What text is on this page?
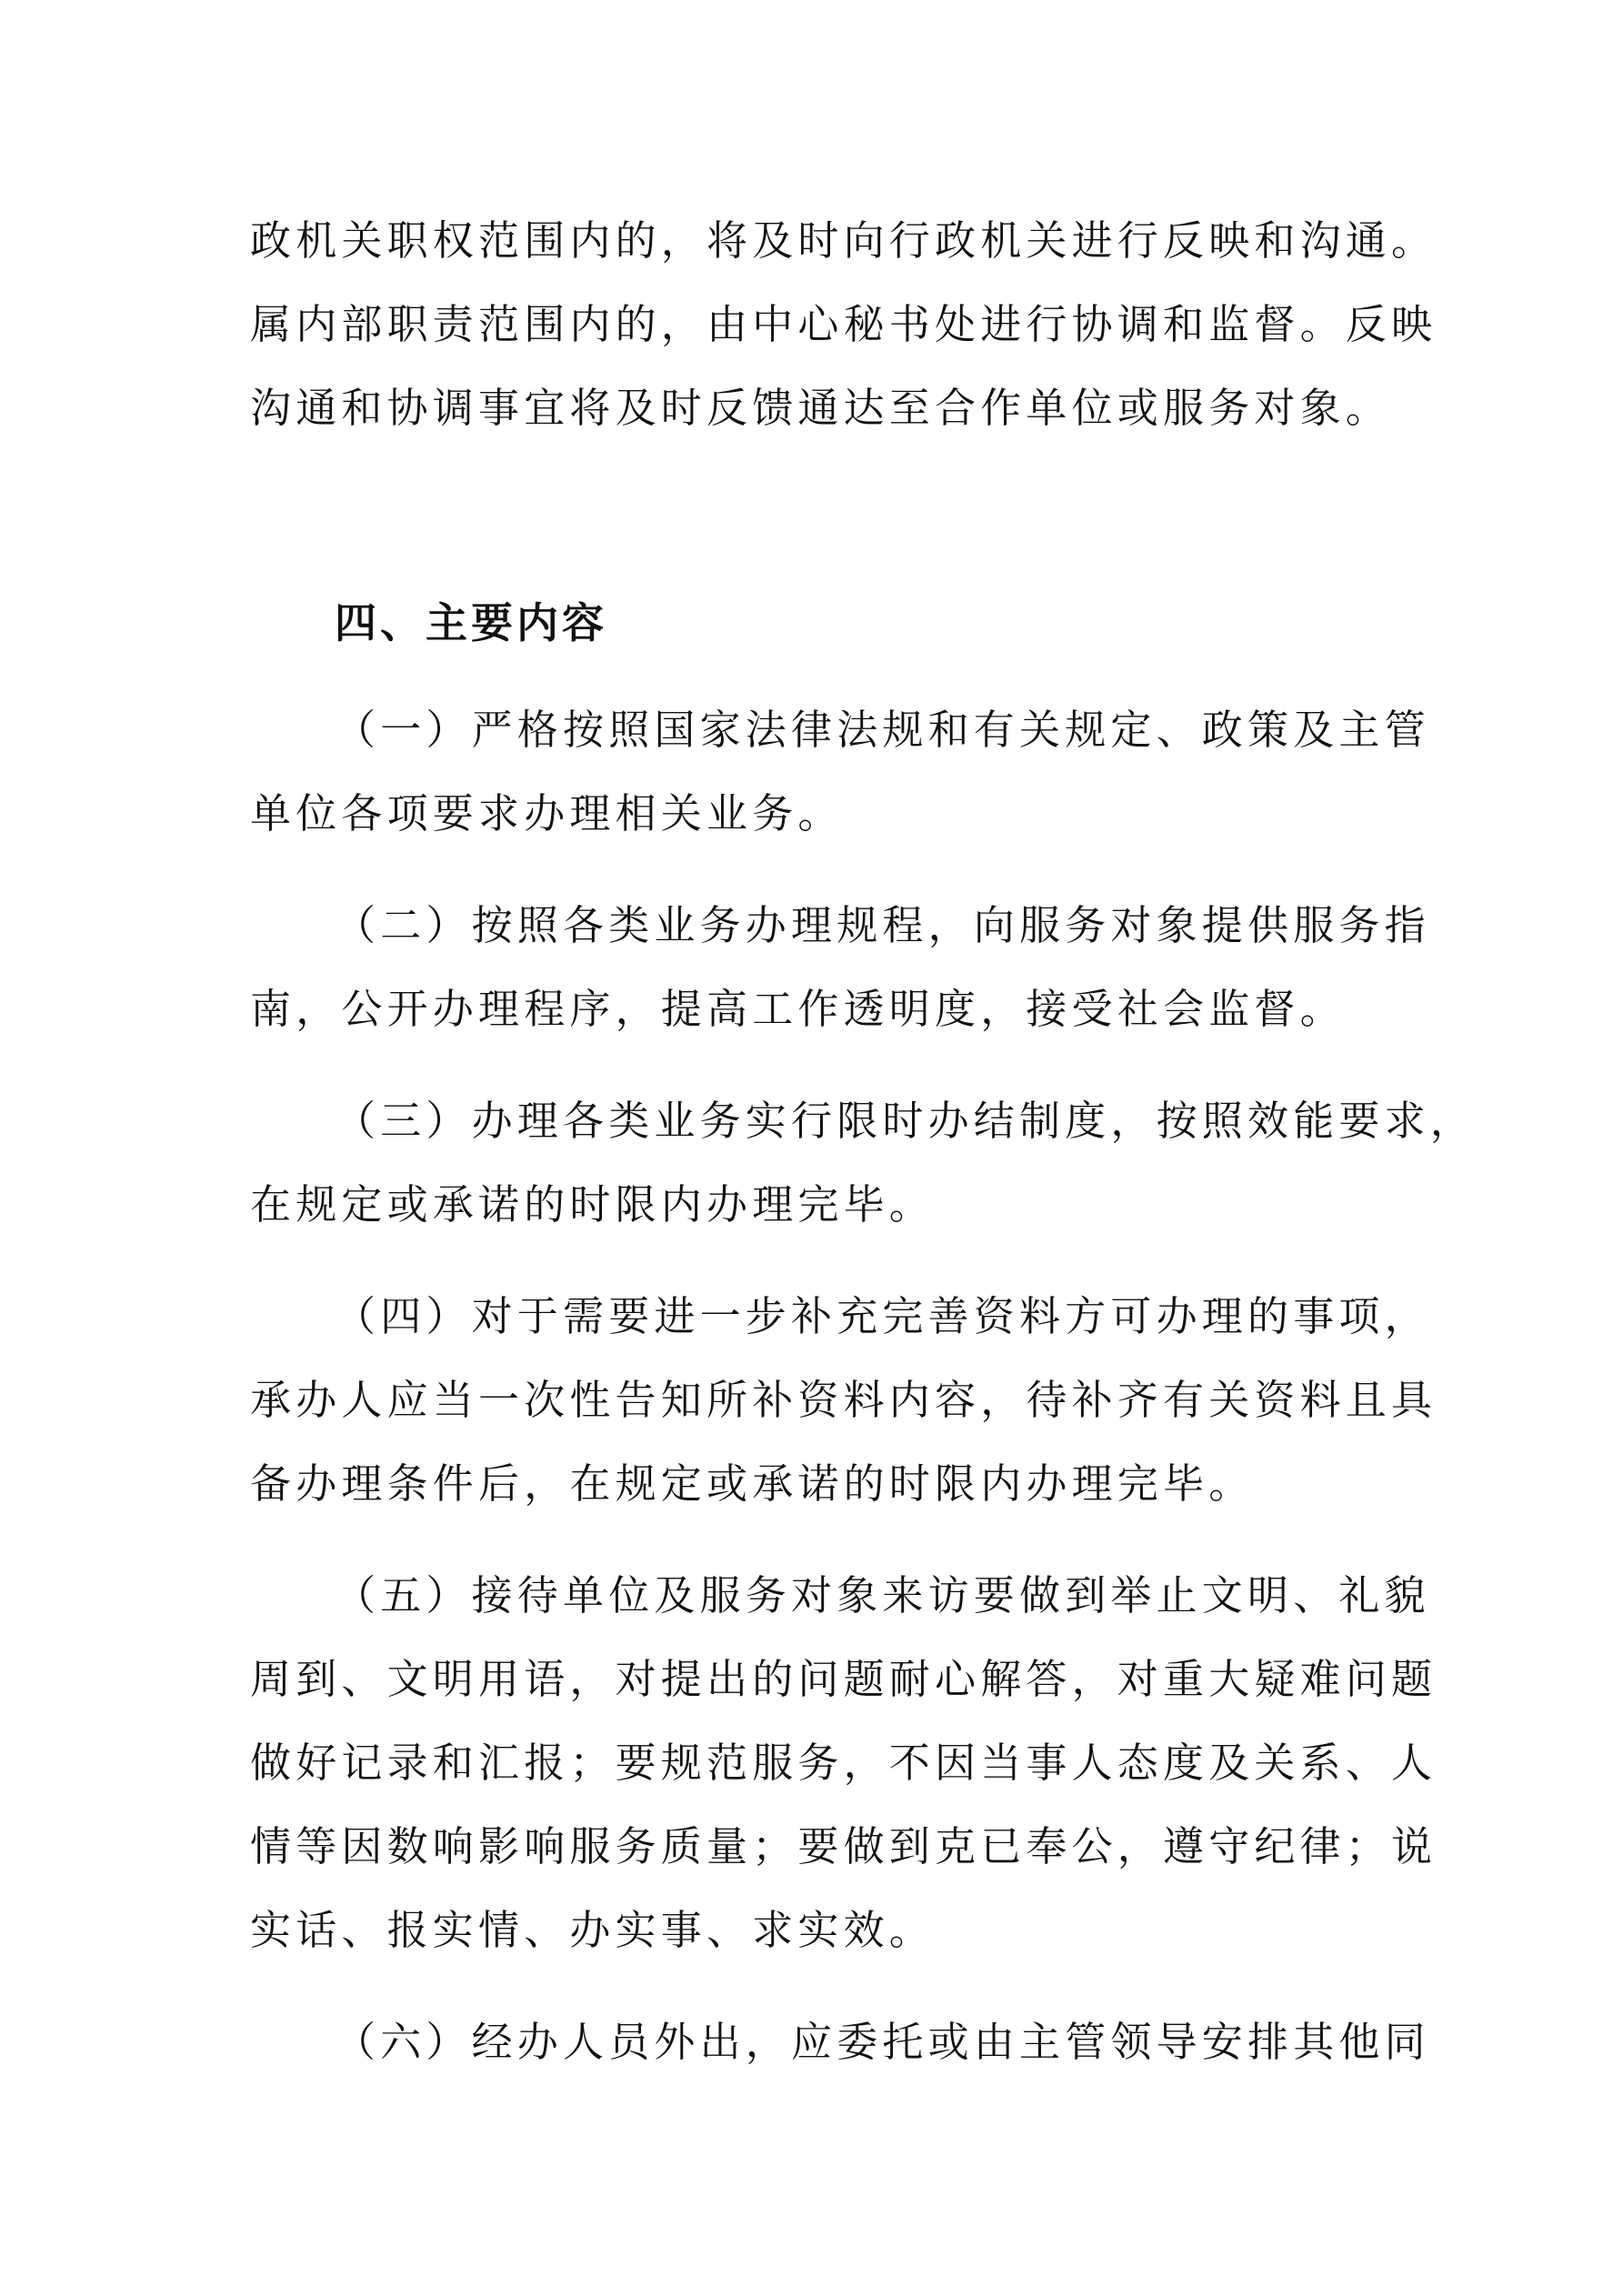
政机关职权范围内的，将及时向行政机关进行反映和沟通。

属内部职责范围内的，由中心秘书处进行协调和监督。反映

沟通和协调事宜将及时反馈通达至合作单位或服务对象。

四、主要内容

（一）严格按照国家法律法规和有关规定、政策及主管

单位各项要求办理相关业务。

（二）按照各类业务办理规程，向服务对象提供服务指

南，公开办理程序，提高工作透明度，接受社会监督。

（三）办理各类业务实行限时办结制度，按照效能要求，

在规定或承诺的时限内办理完毕。

（四）对于需要进一步补充完善资料方可办理的事项，

承办人应当一次性告知所补资料内容，待补齐有关资料且具

备办理条件后，在规定或承诺的时限内办理完毕。

（五）接待单位及服务对象来访要做到举止文明、礼貌

周到、文明用语，对提出的问题耐心解答，对重大疑难问题

做好记录和汇报；要规范服务，不因当事人态度及关系、人

情等因数响影响服务质量；要做到克已奉公，遵守纪律；说

实话、报实情、办实事、求实效。

（六）经办人员外出，应委托或由主管领导安排其他同
